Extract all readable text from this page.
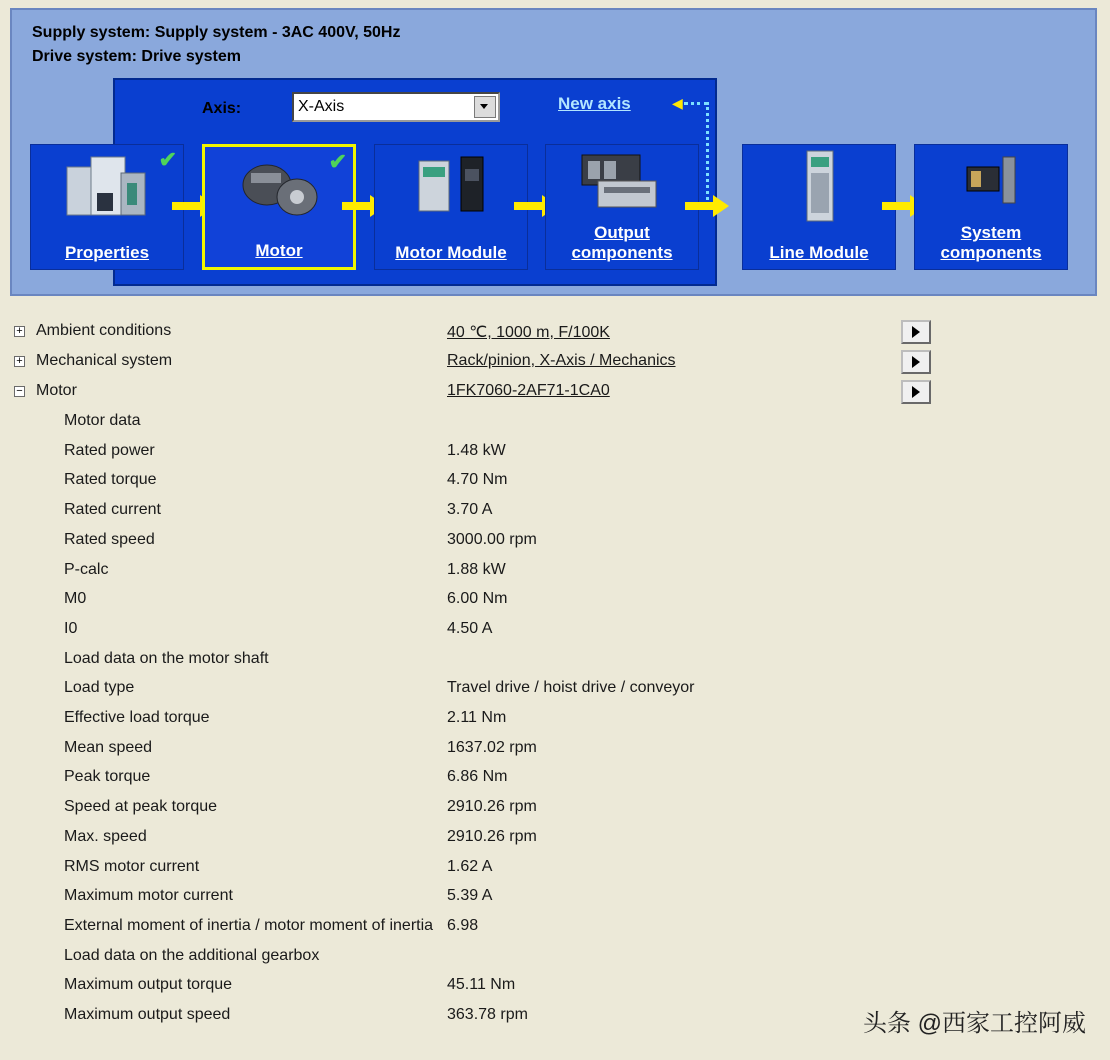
Supply system: Supply system - 3AC 400V, 50Hz
Drive system: Drive system
Axis:	X-Axis	New axis	◀
✔
Properties
✔
Motor	Motor Module
Output
components	Line Module
System
components
+ Ambient conditions	40 ℃, 1000 m, F/100K
+ Mechanical system	Rack/pinion, X-Axis / Mechanics
− Motor	1FK7060-2AF71-1CA0
Motor data
Rated power	1.48 kW
Rated torque	4.70 Nm
Rated current	3.70 A
Rated speed	3000.00 rpm
P-calc	1.88 kW
M0	6.00 Nm
I0	4.50 A
Load data on the motor shaft
Load type	Travel drive / hoist drive / conveyor
Effective load torque	2.11 Nm
Mean speed	1637.02 rpm
Peak torque	6.86 Nm
Speed at peak torque	2910.26 rpm
Max. speed	2910.26 rpm
RMS motor current	1.62 A
Maximum motor current	5.39 A
External moment of inertia / motor moment of inertia 6.98
Load data on the additional gearbox
Maximum output torque	45.11 Nm
Maximum output speed	363.78 rpm	头条 @西家工控阿威
